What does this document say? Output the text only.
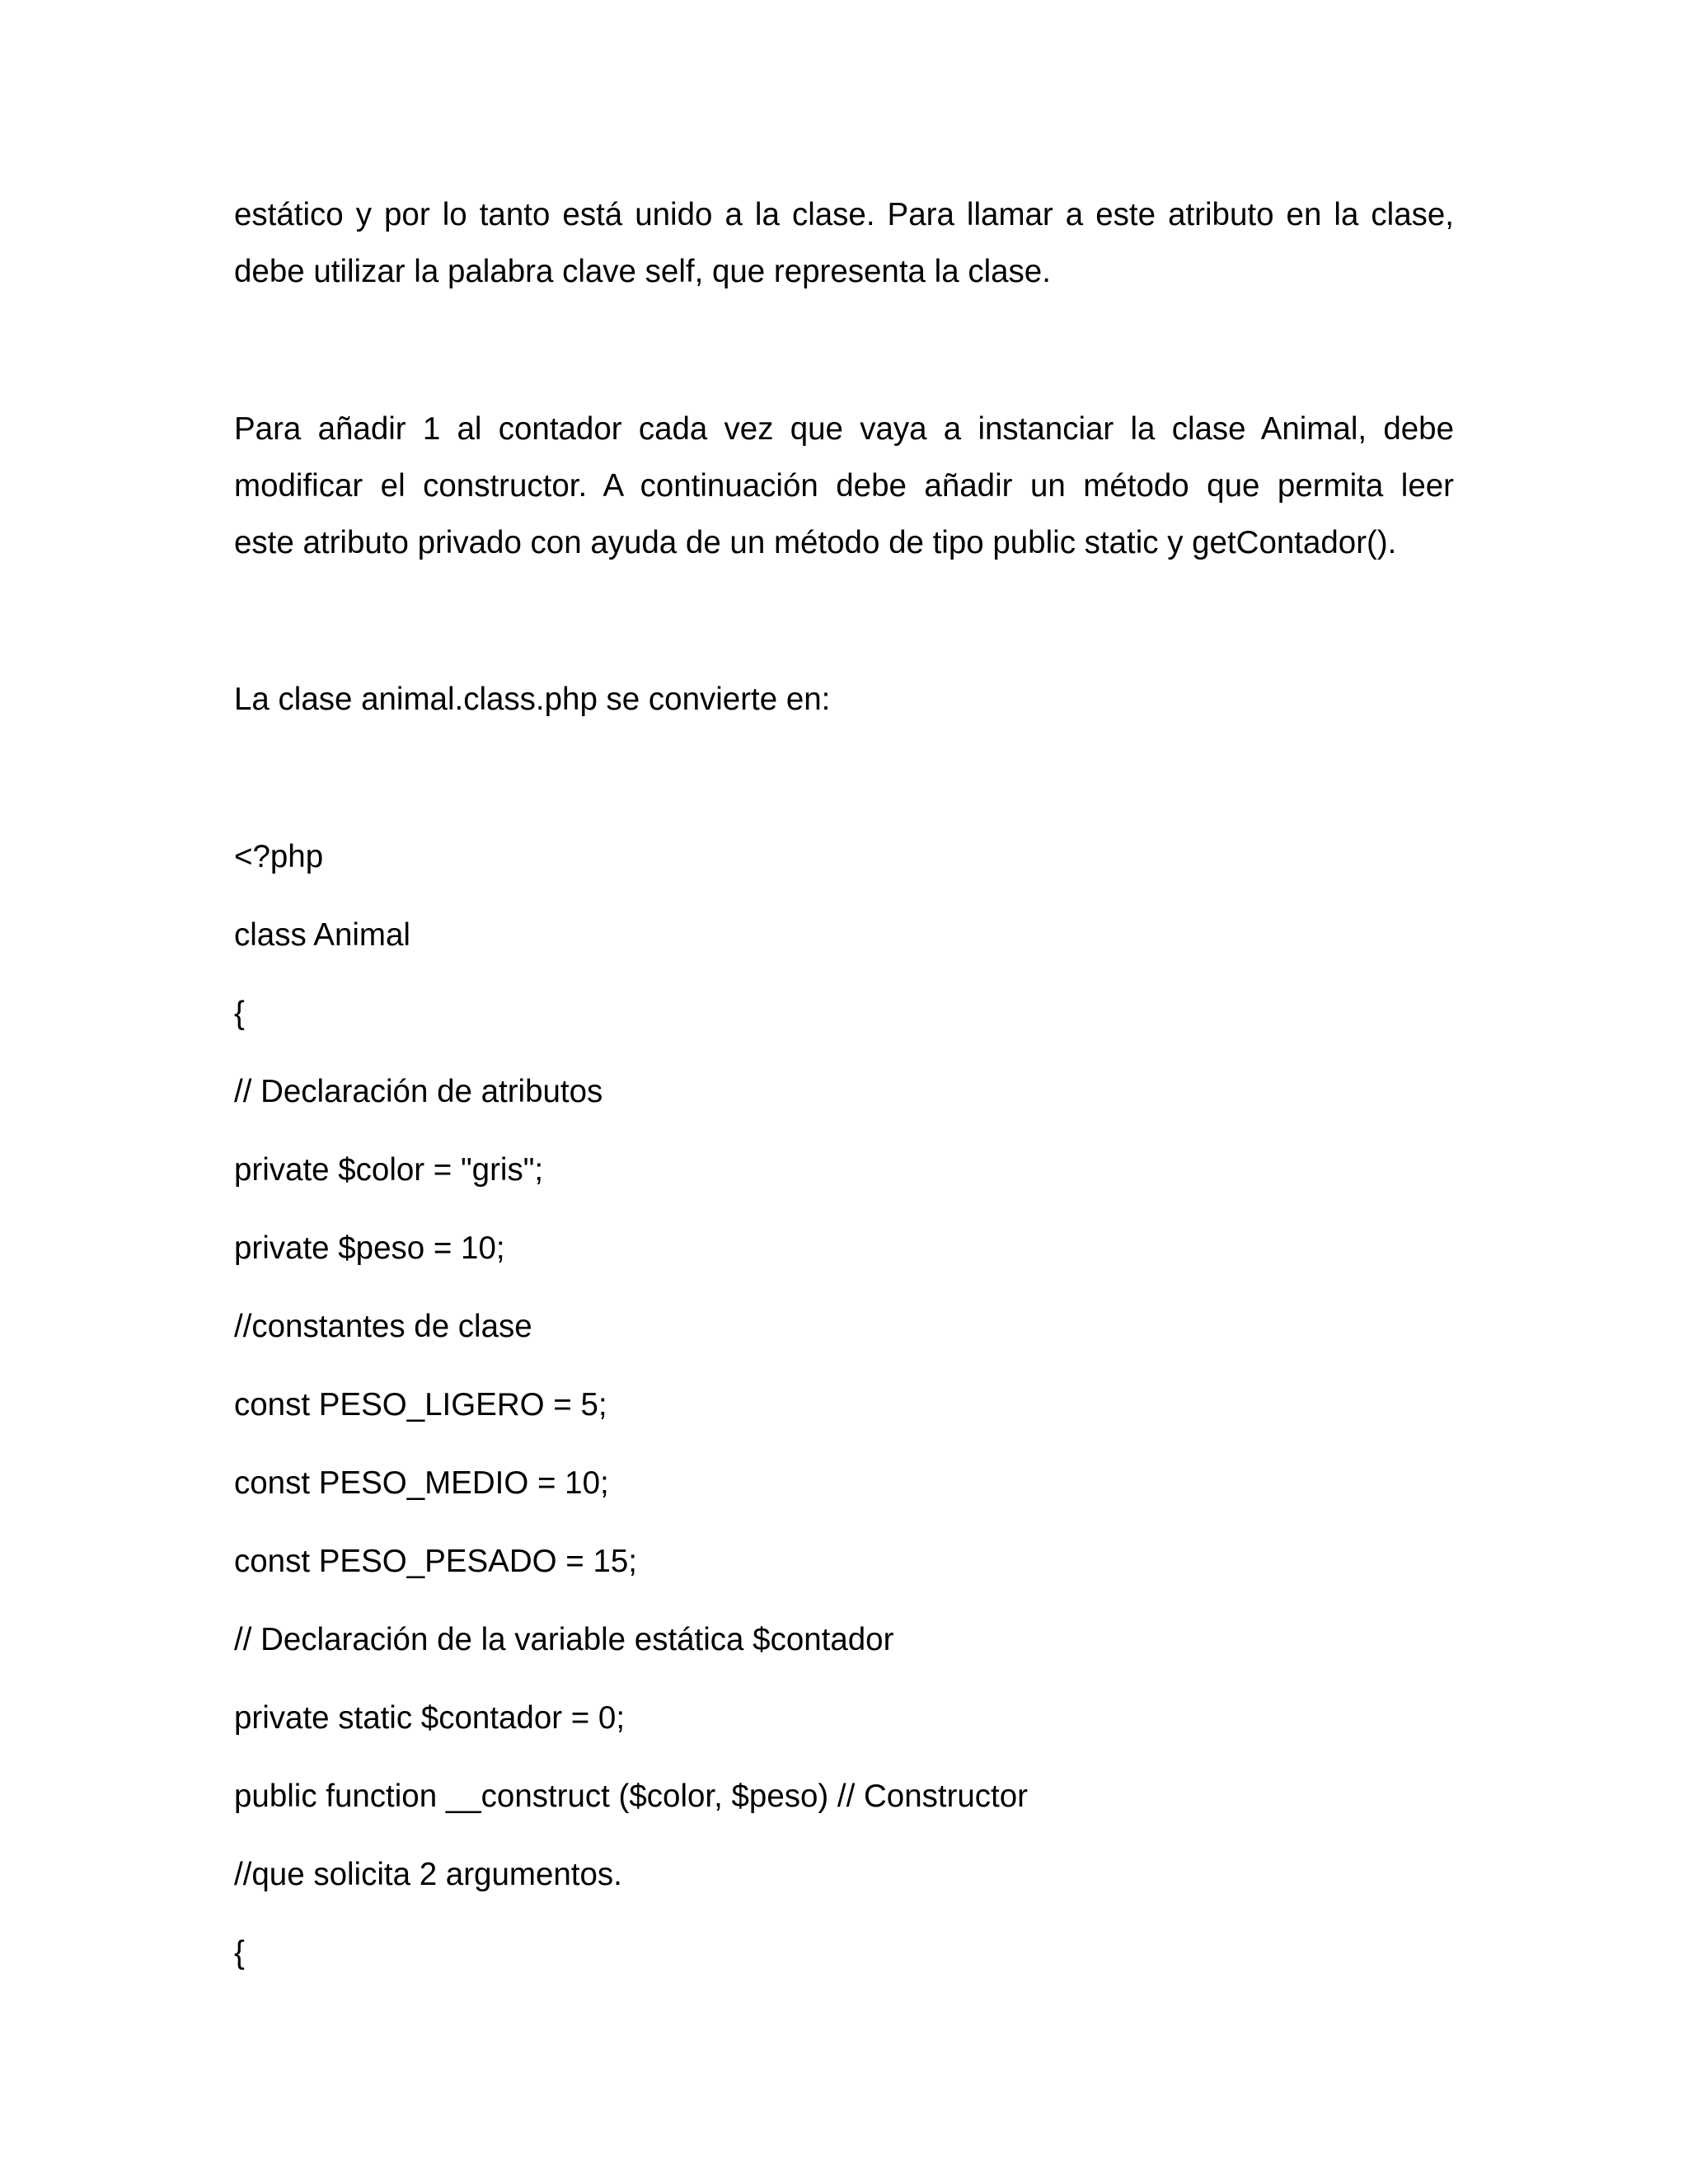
estático y por lo tanto está unido a la clase. Para llamar a este atributo en la clase,
debe utilizar la palabra clave self, que representa la clase.
Para añadir 1 al contador cada vez que vaya a instanciar la clase Animal, debe
modificar el constructor. A continuación debe añadir un método que permita leer
este atributo privado con ayuda de un método de tipo public static y getContador().
La clase animal.class.php se convierte en:
<?php
class Animal
{
// Declaración de atributos
private $color = "gris";
private $peso = 10;
//constantes de clase
const PESO_LIGERO = 5;
const PESO_MEDIO = 10;
const PESO_PESADO = 15;
// Declaración de la variable estática $contador
private static $contador = 0;
public function __construct ($color, $peso) // Constructor
//que solicita 2 argumentos.
{
